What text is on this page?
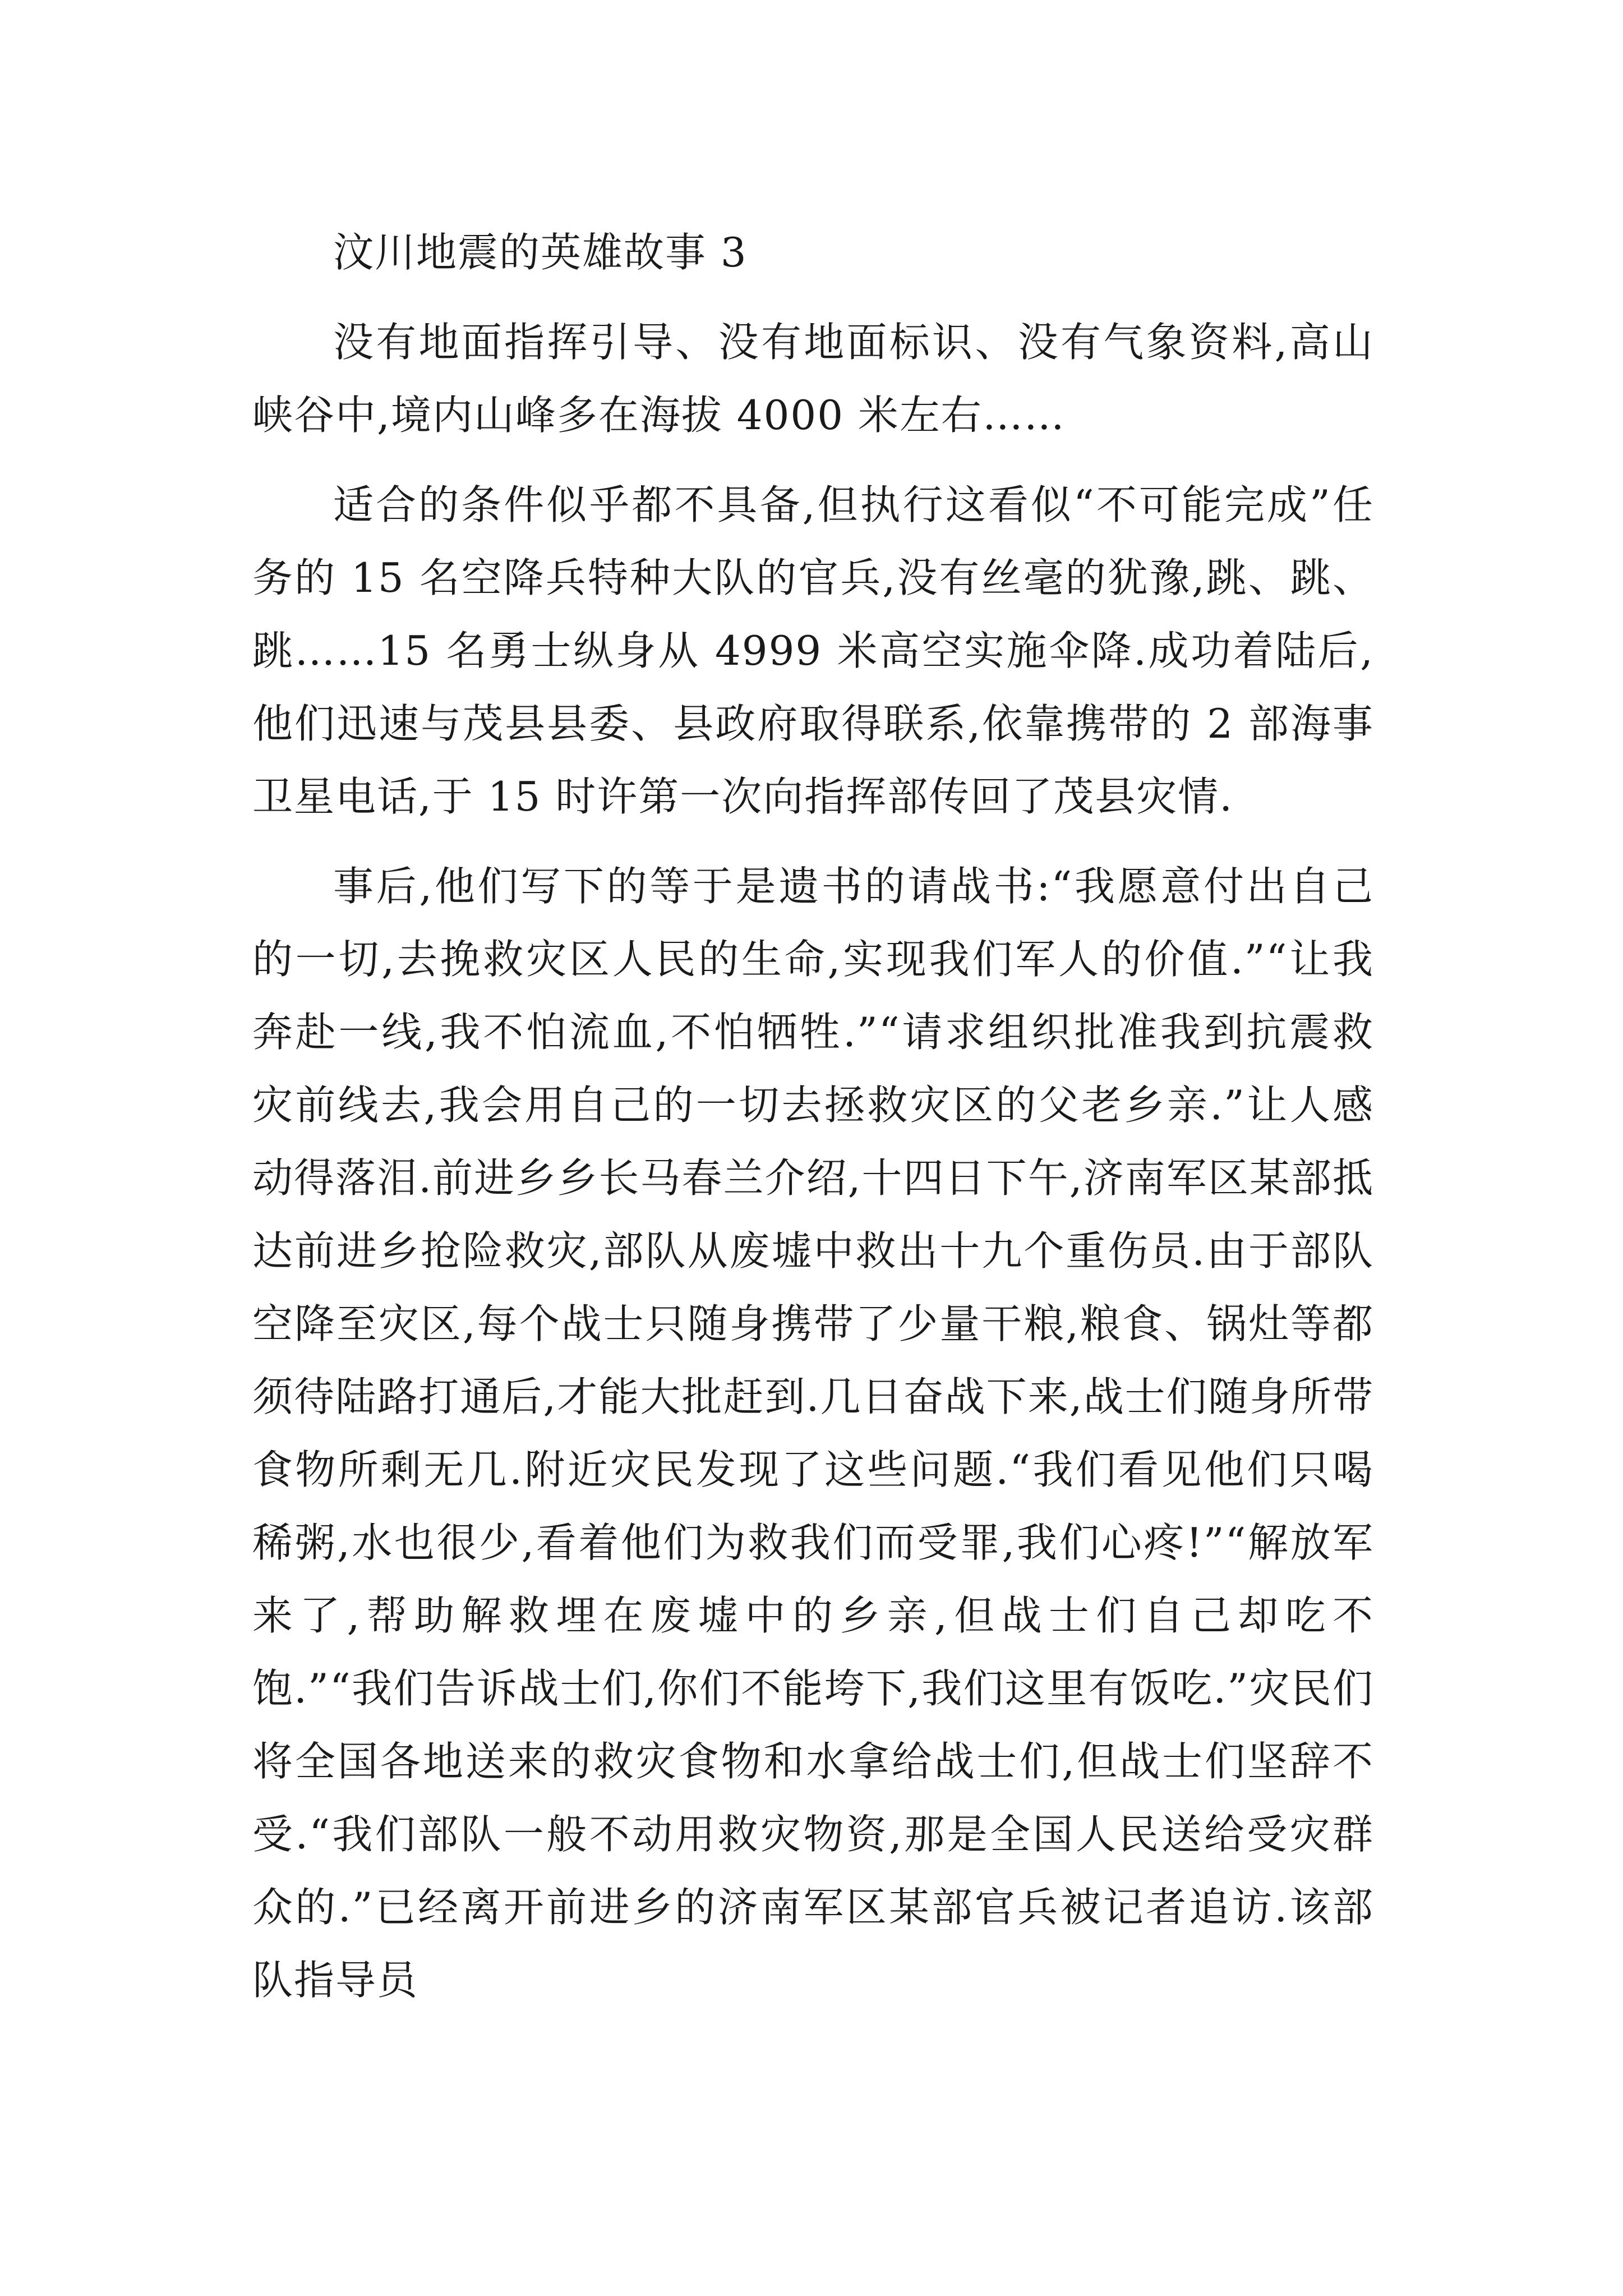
汶川地震的英雄故事 3

没有地面指挥引导、没有地面标识、没有气象资料,高山峡谷中,境内山峰多在海拔 4000 米左右……

适合的条件似乎都不具备,但执行这看似“不可能完成”任务的 15 名空降兵特种大队的官兵,没有丝毫的犹豫,跳、跳、跳……15 名勇士纵身从 4999 米高空实施伞降.成功着陆后,他们迅速与茂县县委、县政府取得联系,依靠携带的 2 部海事卫星电话,于 15 时许第一次向指挥部传回了茂县灾情.

事后,他们写下的等于是遗书的请战书:“我愿意付出自己的一切,去挽救灾区人民的生命,实现我们军人的价值.”“让我奔赴一线,我不怕流血,不怕牺牲.”“请求组织批准我到抗震救灾前线去,我会用自己的一切去拯救灾区的父老乡亲.”让人感动得落泪.前进乡乡长马春兰介绍,十四日下午,济南军区某部抵达前进乡抢险救灾,部队从废墟中救出十九个重伤员.由于部队空降至灾区,每个战士只随身携带了少量干粮,粮食、锅灶等都须待陆路打通后,才能大批赶到.几日奋战下来,战士们随身所带食物所剩无几.附近灾民发现了这些问题.“我们看见他们只喝稀粥,水也很少,看着他们为救我们而受罪,我们心疼!”“解放军来了,帮助解救埋在废墟中的乡亲,但战士们自己却吃不饱.”“我们告诉战士们,你们不能垮下,我们这里有饭吃.”灾民们将全国各地送来的救灾食物和水拿给战士们,但战士们坚辞不受.“我们部队一般不动用救灾物资,那是全国人民送给受灾群众的.”已经离开前进乡的济南军区某部官兵被记者追访.该部队指导员
